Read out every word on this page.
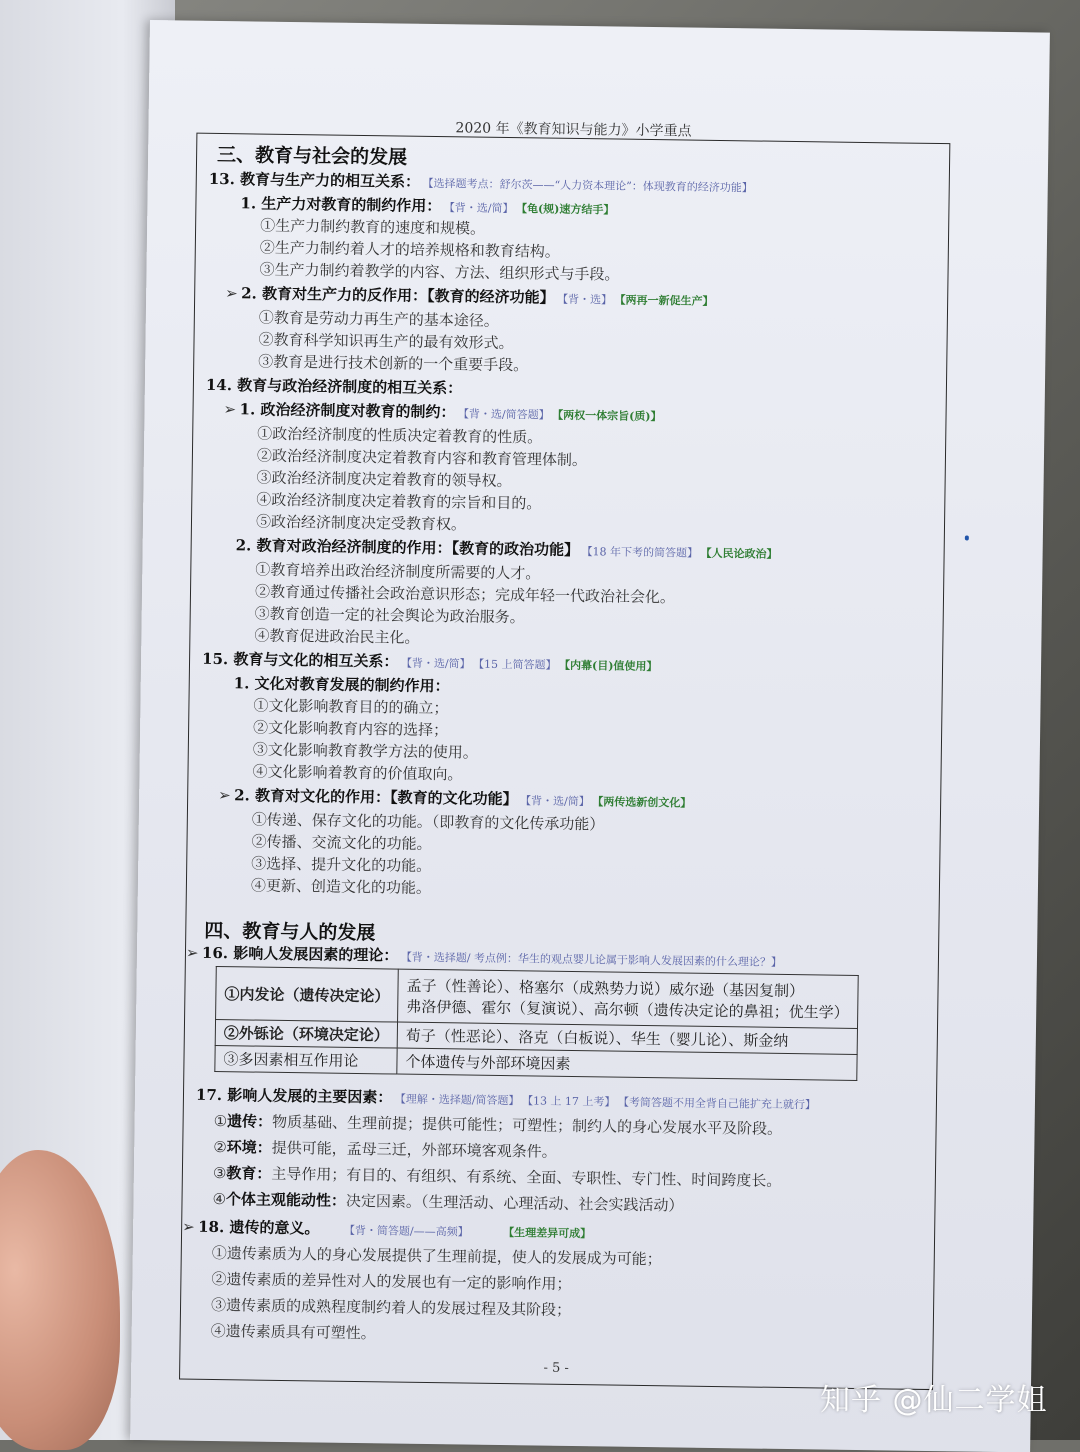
2020 年《教育知识与能力》小学重点
三、教育与社会的发展
13. 教育与生产力的相互关系： 【选择题考点：舒尔茨——“人力资本理论”：体现教育的经济功能】
1. 生产力对教育的制约作用： 【背・选/简】 【龟(规)速方结手】
①生产力制约教育的速度和规模。
②生产力制约着人才的培养规格和教育结构。
③生产力制约着教学的内容、方法、组织形式与手段。
➢ 2. 教育对生产力的反作用：【教育的经济功能】 【背・选】 【两再一新促生产】
①教育是劳动力再生产的基本途径。
②教育科学知识再生产的最有效形式。
③教育是进行技术创新的一个重要手段。
14. 教育与政治经济制度的相互关系：
➢ 1. 政治经济制度对教育的制约： 【背・选/简答题】 【两权一体宗旨(质)】
①政治经济制度的性质决定着教育的性质。
②政治经济制度决定着教育内容和教育管理体制。
③政治经济制度决定着教育的领导权。
④政治经济制度决定着教育的宗旨和目的。
⑤政治经济制度决定受教育权。
2. 教育对政治经济制度的作用：【教育的政治功能】 【18 年下考的简答题】 【人民论政治】
①教育培养出政治经济制度所需要的人才。
②教育通过传播社会政治意识形态；完成年轻一代政治社会化。
③教育创造一定的社会舆论为政治服务。
④教育促进政治民主化。
15. 教育与文化的相互关系： 【背・选/简】 【15 上简答题】 【内幕(目)值使用】
1. 文化对教育发展的制约作用：
①文化影响教育目的的确立；
②文化影响教育内容的选择；
③文化影响教育教学方法的使用。
④文化影响着教育的价值取向。
➢ 2. 教育对文化的作用：【教育的文化功能】 【背・选/简】 【两传选新创文化】
①传递、保存文化的功能。（即教育的文化传承功能）
②传播、交流文化的功能。
③选择、提升文化的功能。
④更新、创造文化的功能。
四、教育与人的发展
➢ 16. 影响人发展因素的理论： 【背・选择题/ 考点例：华生的观点婴儿论属于影响人发展因素的什么理论？】
①内发论（遗传决定论）	孟子（性善论）、格塞尔（成熟势力说）威尔逊（基因复制）
弗洛伊德、霍尔（复演说）、高尔顿（遗传决定论的鼻祖；优生学）

②外铄论（环境决定论）	荀子（性恶论）、洛克（白板说）、华生（婴儿论）、斯金纳
③多因素相互作用论	个体遗传与外部环境因素
17. 影响人发展的主要因素： 【理解・选择题/简答题】 【13 上 17 上考】 【考简答题不用全背自己能扩充上就行】
①遗传：物质基础、生理前提；提供可能性；可塑性；制约人的身心发展水平及阶段。
②环境：提供可能，孟母三迁，外部环境客观条件。
③教育：主导作用；有目的、有组织、有系统、全面、专职性、专门性、时间跨度长。
④个体主观能动性：决定因素。（生理活动、心理活动、社会实践活动）
➢ 18. 遗传的意义。	【背・简答题/——高频】	【生理差异可成】
①遗传素质为人的身心发展提供了生理前提，使人的发展成为可能；
②遗传素质的差异性对人的发展也有一定的影响作用；
③遗传素质的成熟程度制约着人的发展过程及其阶段；
④遗传素质具有可塑性。
- 5 -
知乎 @仙二学姐
